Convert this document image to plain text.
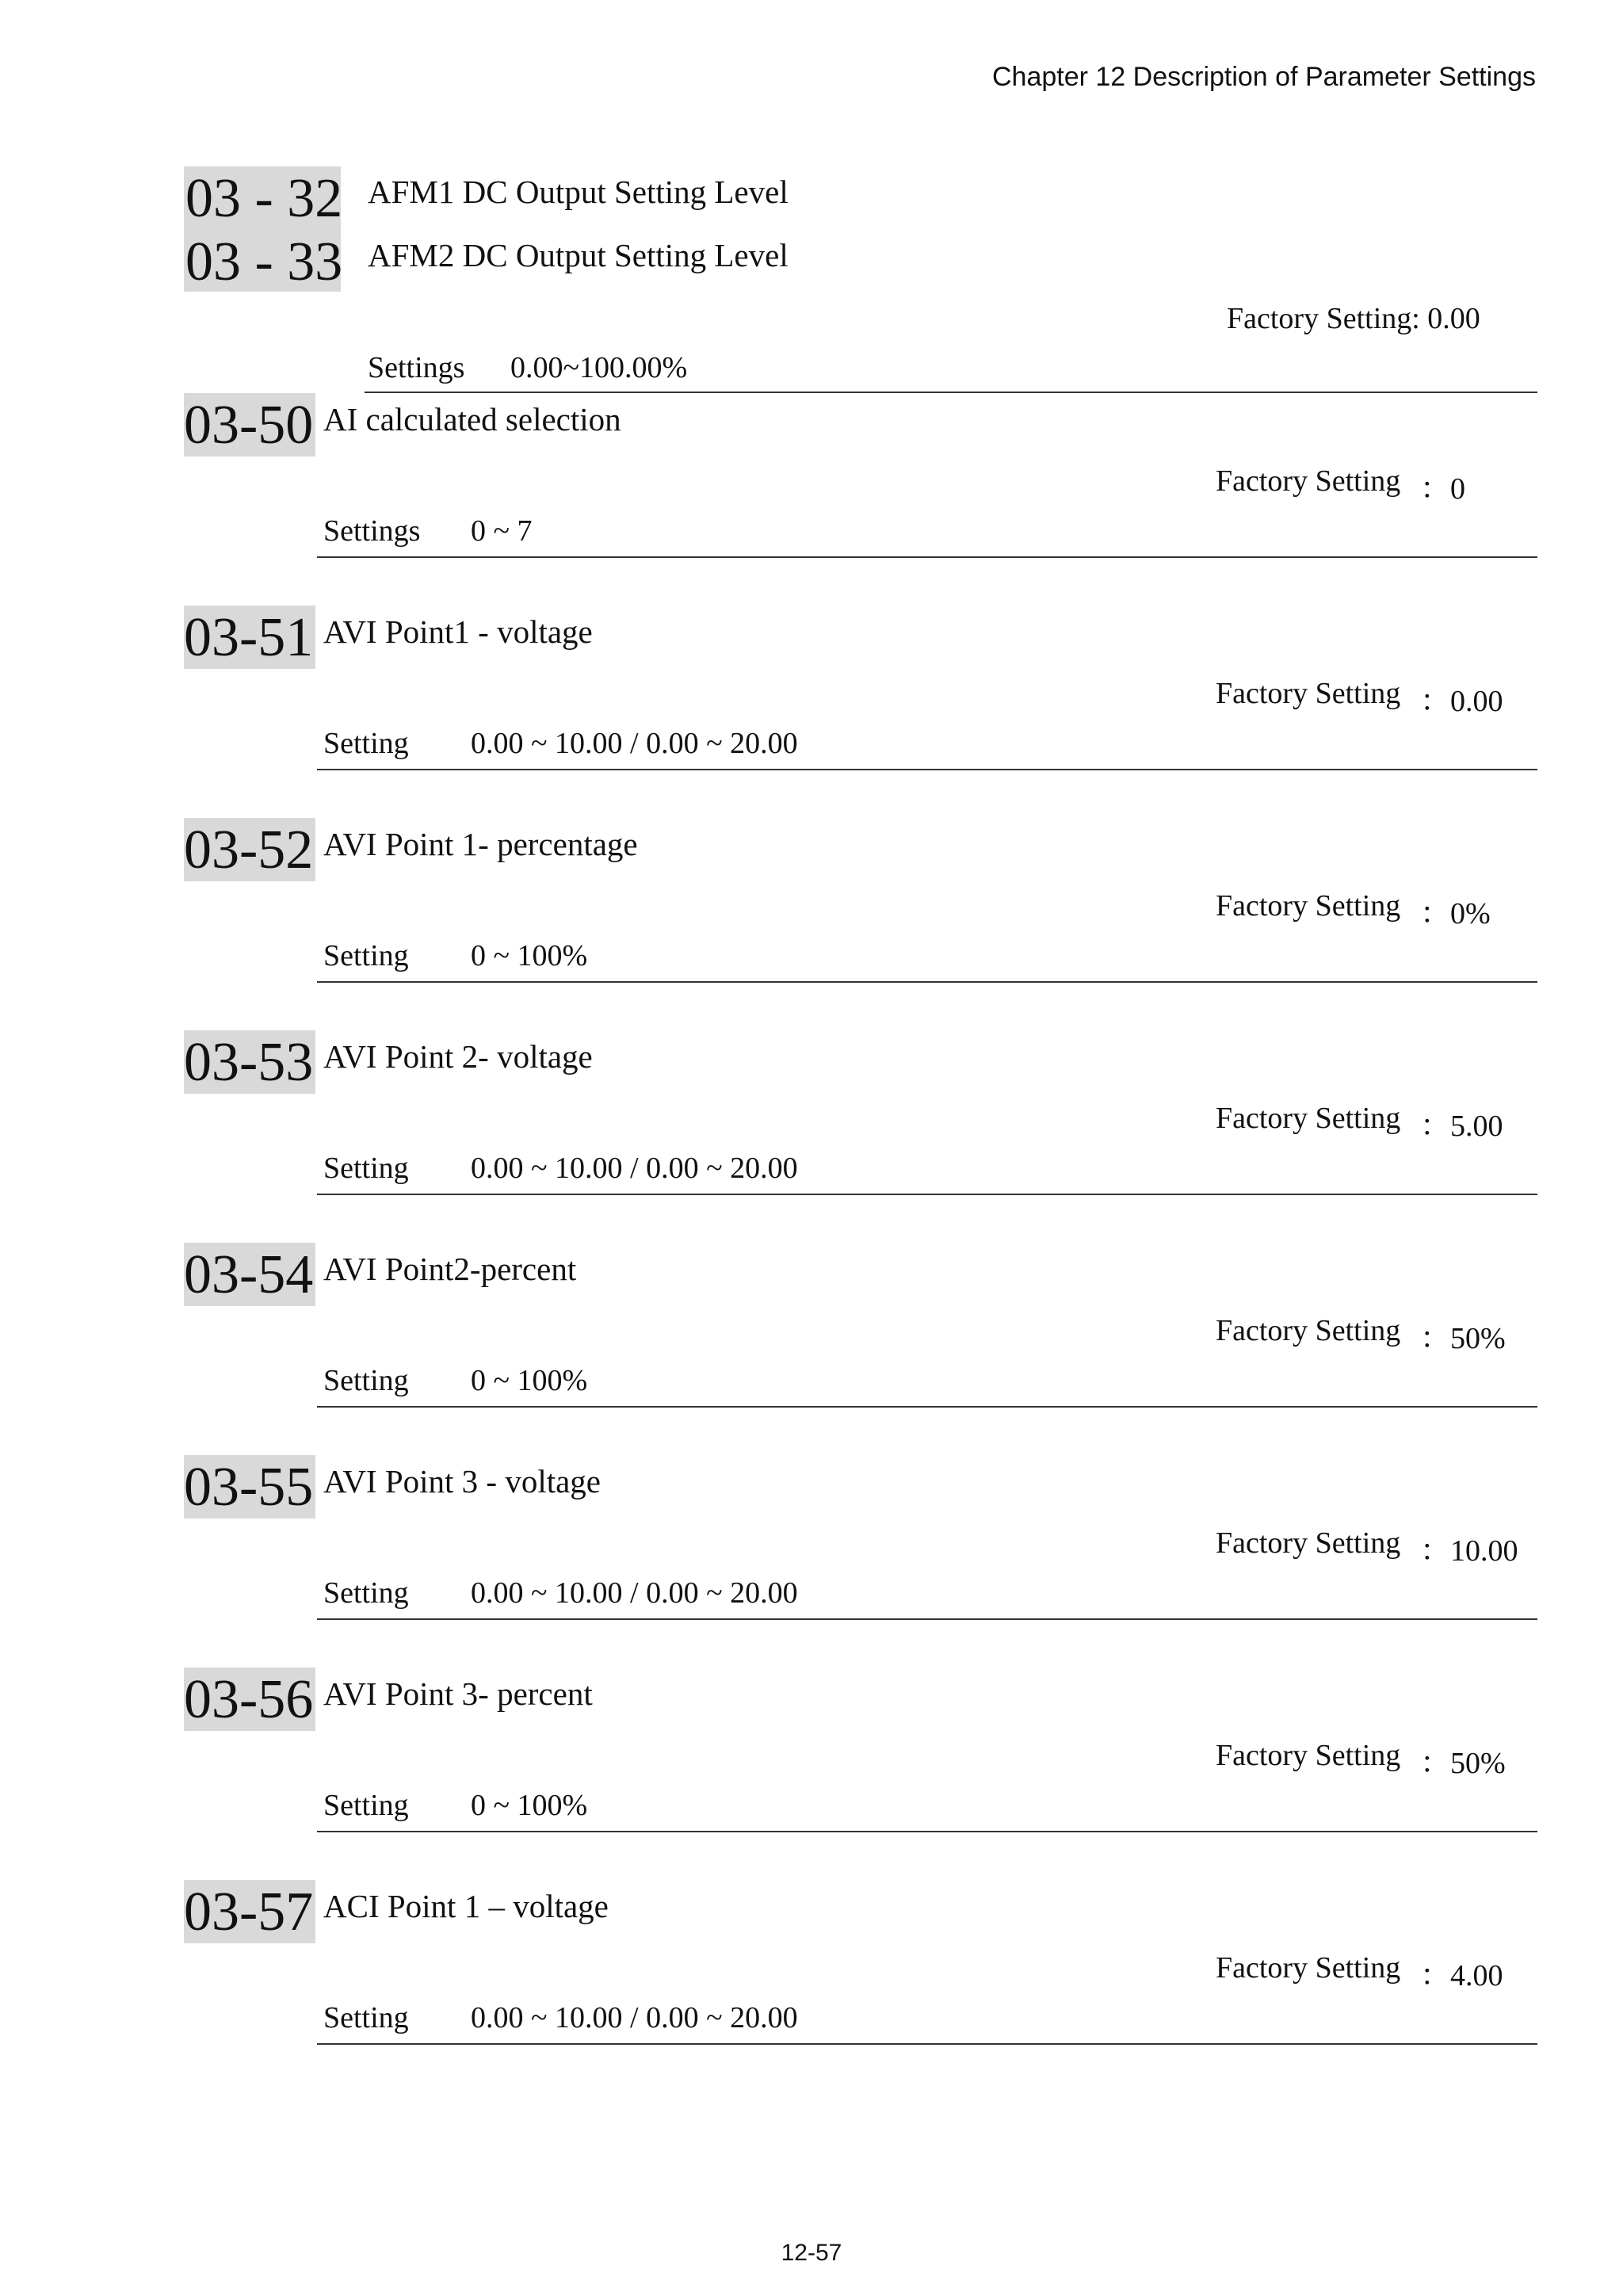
Chapter 12 Description of Parameter Settings
03 - 32
03 - 33
AFM1 DC Output Setting Level
AFM2 DC Output Setting Level
Factory Setting: 0.00
Settings 0.00~100.00%
03-50 AI calculated selection
Factory Setting ：0
Settings 0 ~ 7
03-51 AVI Point1 - voltage
Factory Setting ：0.00
Setting 0.00 ~ 10.00 / 0.00 ~ 20.00
03-52 AVI Point 1- percentage
Factory Setting ：0%
Setting 0 ~ 100%
03-53 AVI Point 2- voltage
Factory Setting ：5.00
Setting 0.00 ~ 10.00 / 0.00 ~ 20.00
03-54 AVI Point2-percent
Factory Setting ：50%
Setting 0 ~ 100%
03-55 AVI Point 3 - voltage
Factory Setting ：10.00
Setting 0.00 ~ 10.00 / 0.00 ~ 20.00
03-56 AVI Point 3- percent
Factory Setting ：50%
Setting 0 ~ 100%
03-57 ACI Point 1 – voltage
Factory Setting ：4.00
Setting 0.00 ~ 10.00 / 0.00 ~ 20.00
12-57
